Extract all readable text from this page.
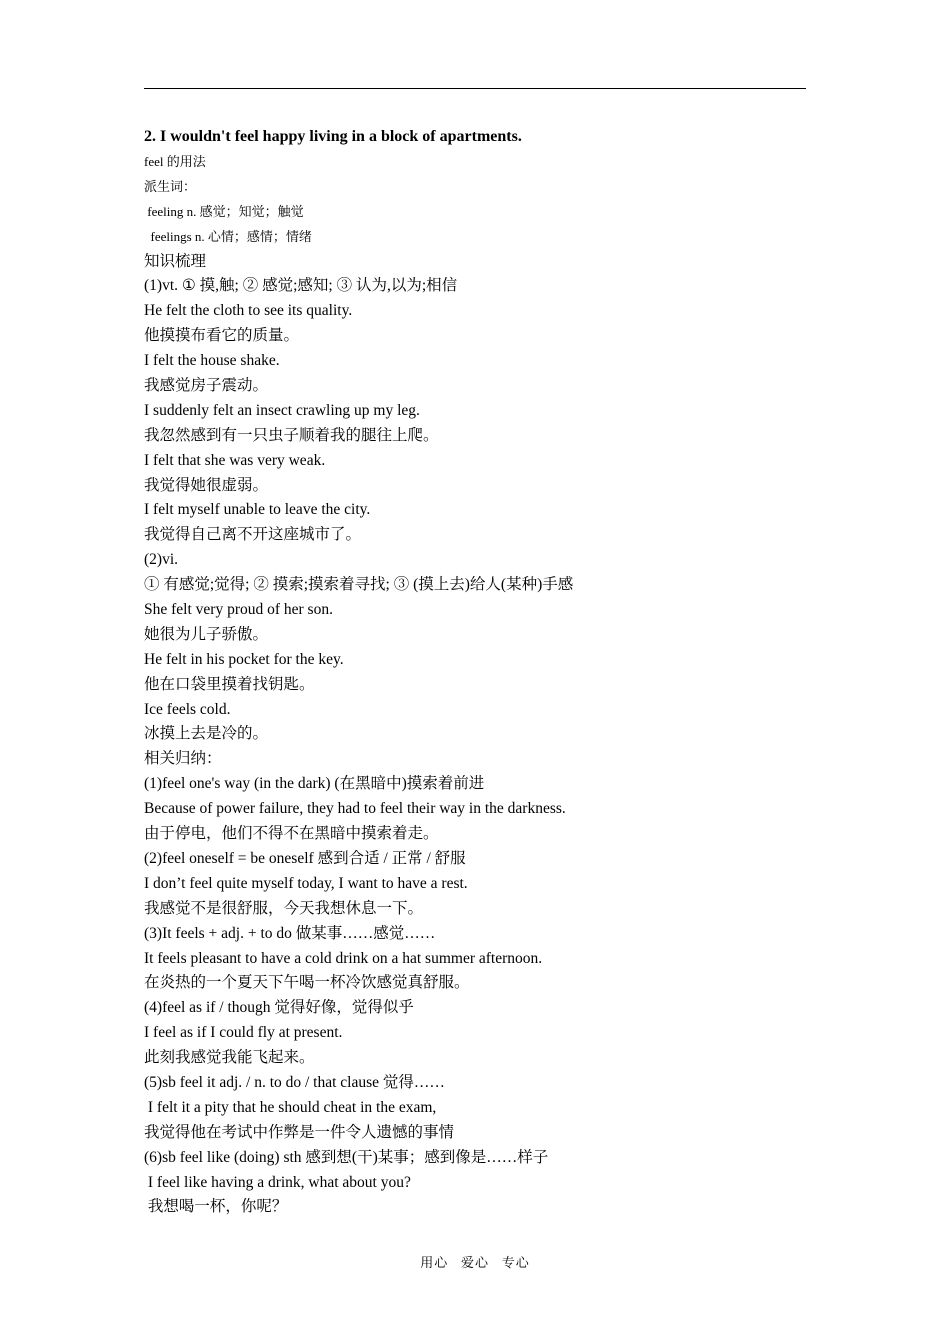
2. I wouldn't feel happy living in a block of apartments.
feel 的用法
派生词：
feeling n. 感觉；知觉；触觉
feelings n. 心情；感情；情绪
知识梳理
(1)vt. ① 摸,触; ② 感觉;感知; ③ 认为,以为;相信
He felt the cloth to see its quality.
他摸摸布看它的质量。
I felt the house shake.
我感觉房子震动。
I suddenly felt an insect crawling up my leg.
我忽然感到有一只虫子顺着我的腿往上爬。
I felt that she was very weak.
我觉得她很虚弱。
I felt myself unable to leave the city.
我觉得自己离不开这座城市了。
(2)vi.
① 有感觉;觉得; ② 摸索;摸索着寻找; ③ (摸上去)给人(某种)手感
She felt very proud of her son.
她很为儿子骄傲。
He felt in his pocket for the key.
他在口袋里摸着找钥匙。
Ice feels cold.
冰摸上去是冷的。
相关归纳：
(1)feel one's way (in the dark) (在黑暗中)摸索着前进
Because of power failure, they had to feel their way in the darkness.
由于停电，他们不得不在黑暗中摸索着走。
(2)feel oneself = be oneself 感到合适 / 正常 / 舒服
I don’t feel quite myself today, I want to have a rest.
我感觉不是很舒服，今天我想休息一下。
(3)It feels + adj. + to do 做某事……感觉……
It feels pleasant to have a cold drink on a hat summer afternoon.
在炎热的一个夏天下午喝一杯冷饮感觉真舒服。
(4)feel as if / though 觉得好像，觉得似乎
I feel as if I could fly at present.
此刻我感觉我能飞起来。
(5)sb feel it adj. / n. to do / that clause 觉得……
I felt it a pity that he should cheat in the exam,
我觉得他在考试中作弊是一件令人遗憾的事情
(6)sb feel like (doing) sth 感到想(干)某事；感到像是……样子
I feel like having a drink, what about you?
我想喝一杯，你呢？
用心   爱心   专心
